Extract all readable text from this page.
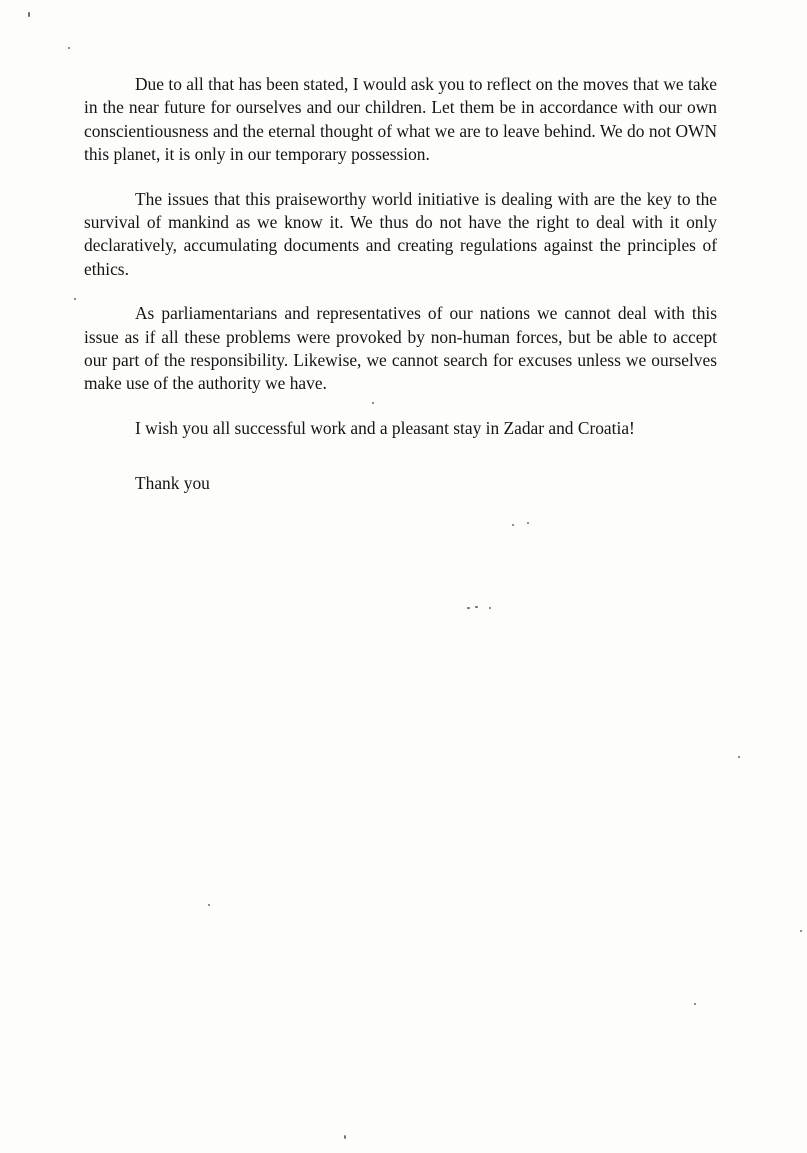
Due to all that has been stated, I would ask you to reflect on the moves that we take in the near future for ourselves and our children. Let them be in accordance with our own conscientiousness and the eternal thought of what we are to leave behind. We do not OWN this planet, it is only in our temporary possession.

The issues that this praiseworthy world initiative is dealing with are the key to the survival of mankind as we know it. We thus do not have the right to deal with it only declaratively, accumulating documents and creating regulations against the principles of ethics.

As parliamentarians and representatives of our nations we cannot deal with this issue as if all these problems were provoked by non-human forces, but be able to accept our part of the responsibility. Likewise, we cannot search for excuses unless we ourselves make use of the authority we have.

I wish you all successful work and a pleasant stay in Zadar and Croatia!

Thank you
